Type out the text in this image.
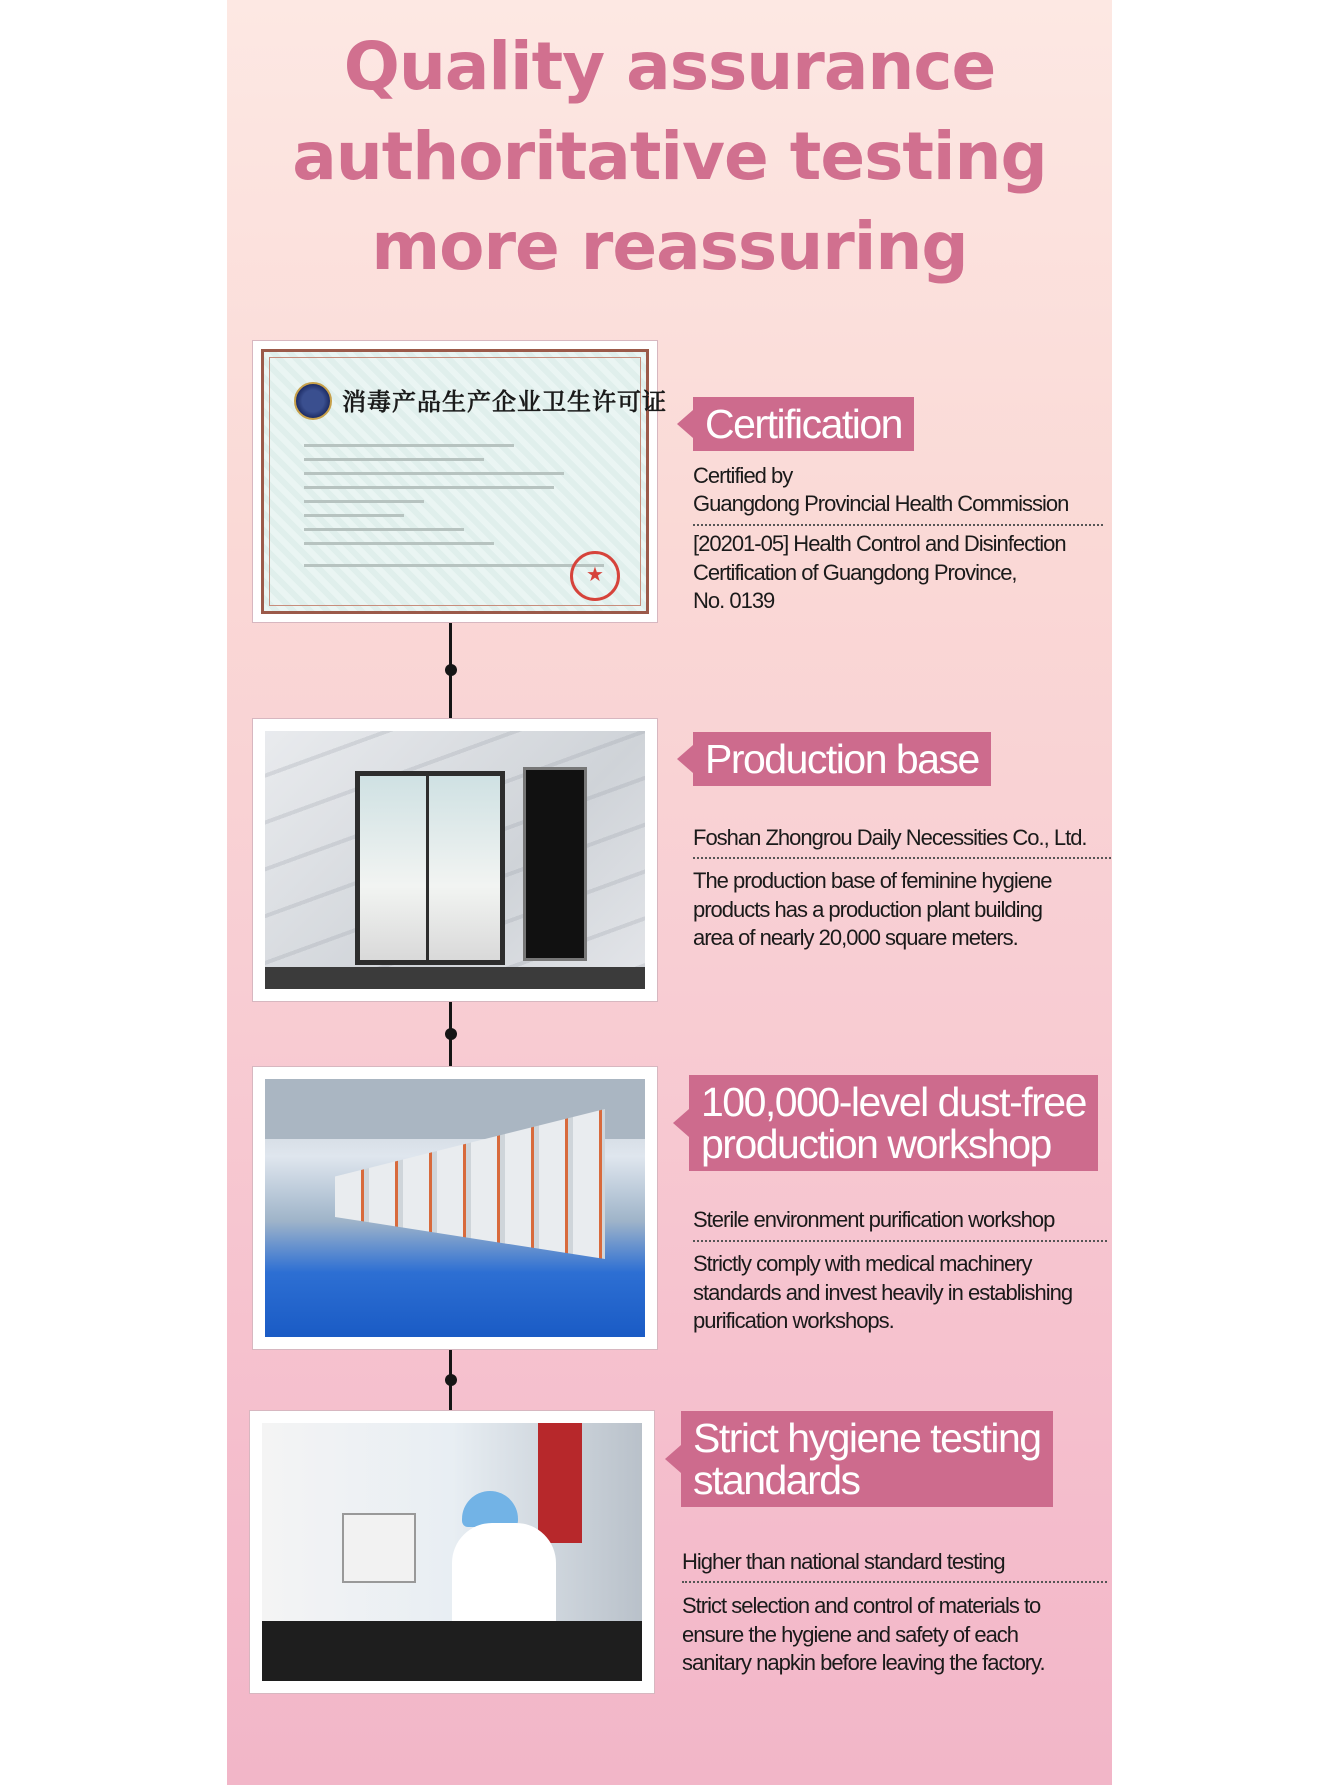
Quality assurance
authoritative testing
more reassuring
消毒产品生产企业卫生许可证
★ Certification
Certified by
Guangdong Provincial Health Commission
[20201-05] Health Control and Disinfection
Certification of Guangdong Province,
No. 0139
Production base
Foshan Zhongrou Daily Necessities Co., Ltd.
The production base of feminine hygiene
products has a production plant building
area of nearly 20,000 square meters.
100,000-level dust-free
production workshop
Sterile environment purification workshop
Strictly comply with medical machinery
standards and invest heavily in establishing
purification workshops.
Strict hygiene testing
standards
Higher than national standard testing
Strict selection and control of materials to
ensure the hygiene and safety of each
sanitary napkin before leaving the factory.
